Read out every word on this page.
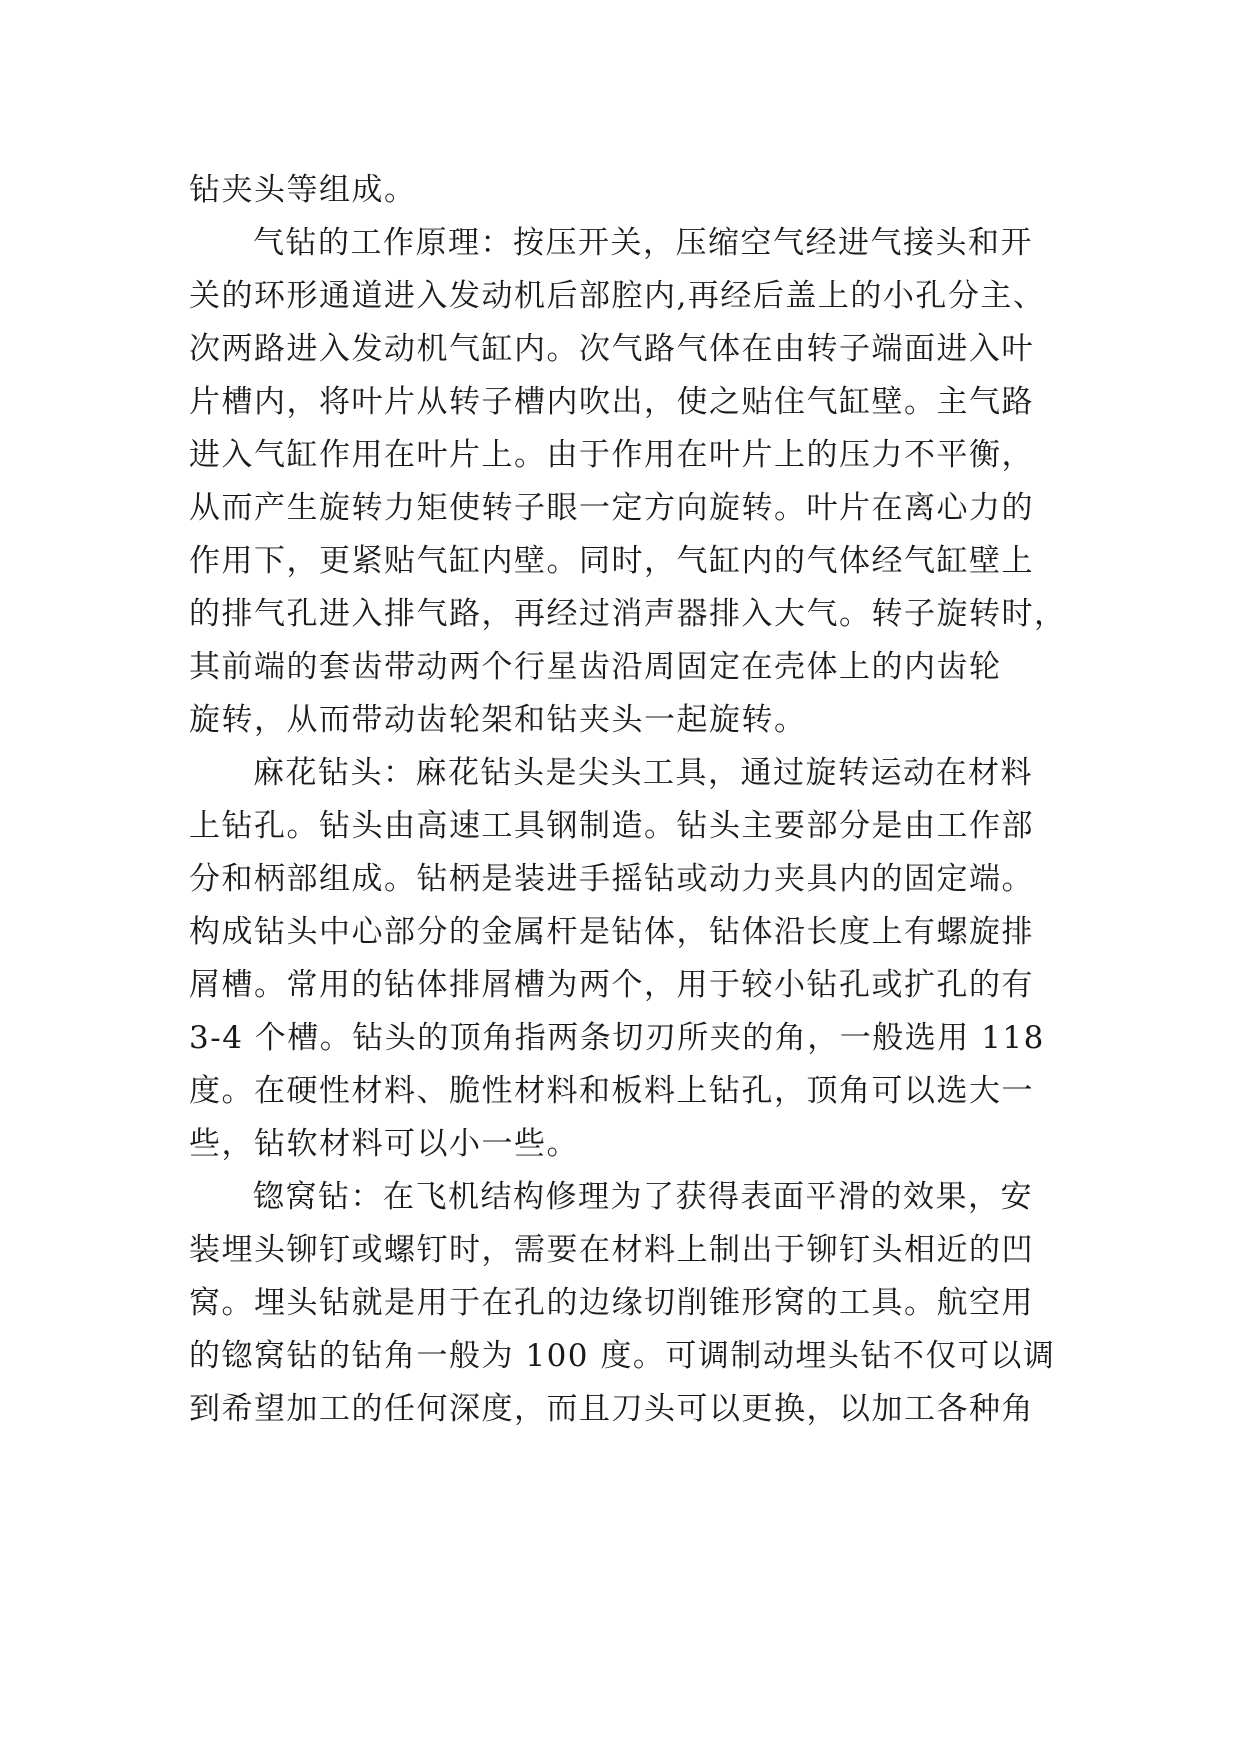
钻夹头等组成。
气钻的工作原理：按压开关，压缩空气经进气接头和开
关的环形通道进入发动机后部腔内,再经后盖上的小孔分主、
次两路进入发动机气缸内。次气路气体在由转子端面进入叶
片槽内，将叶片从转子槽内吹出，使之贴住气缸壁。主气路
进入气缸作用在叶片上。由于作用在叶片上的压力不平衡，
从而产生旋转力矩使转子眼一定方向旋转。叶片在离心力的
作用下，更紧贴气缸内壁。同时，气缸内的气体经气缸壁上
的排气孔进入排气路，再经过消声器排入大气。转子旋转时，
其前端的套齿带动两个行星齿沿周固定在壳体上的内齿轮
旋转，从而带动齿轮架和钻夹头一起旋转。
麻花钻头：麻花钻头是尖头工具，通过旋转运动在材料
上钻孔。钻头由高速工具钢制造。钻头主要部分是由工作部
分和柄部组成。钻柄是装进手摇钻或动力夹具内的固定端。
构成钻头中心部分的金属杆是钻体，钻体沿长度上有螺旋排
屑槽。常用的钻体排屑槽为两个，用于较小钻孔或扩孔的有
3-4 个槽。钻头的顶角指两条切刃所夹的角，一般选用 118
度。在硬性材料、脆性材料和板料上钻孔，顶角可以选大一
些，钻软材料可以小一些。
锪窝钻：在飞机结构修理为了获得表面平滑的效果，安
装埋头铆钉或螺钉时，需要在材料上制出于铆钉头相近的凹
窝。埋头钻就是用于在孔的边缘切削锥形窝的工具。航空用
的锪窝钻的钻角一般为 100 度。可调制动埋头钻不仅可以调
到希望加工的任何深度，而且刀头可以更换，以加工各种角
